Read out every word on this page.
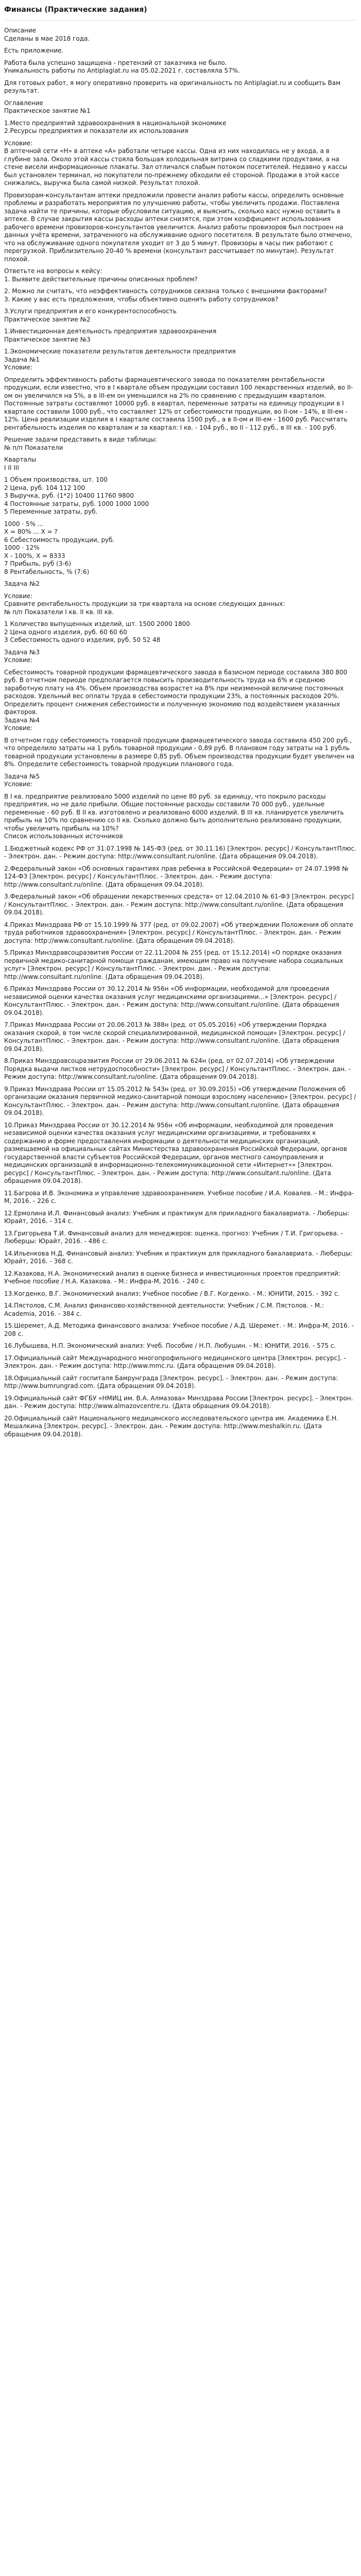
Финансы (Практические задания)
Описание
Сделаны в мае 2018 года.
Есть приложение.
Работа была успешно защищена - претензий от заказчика не было.
Уникальность работы по Antiplagiat.ru на 05.02.2021 г. составляла 57%.
Для готовых работ, я могу оперативно проверить на оригинальность по Antiplagiat.ru и сообщить Вам результат.
Оглавление
Практическое занятие №1
1.Место предприятий здравоохранения в национальной экономике
2.Ресурсы предприятия и показатели их использования
Условие:
В аптечной сети «Н» в аптеке «А» работали четыре кассы. Одна из них находилась не у входа, а в глубине зала. Около этой кассы стояла большая холодильная витрина со сладкими продуктами, а на стене висели информационные плакаты. Зал отличался слабым потоком посетителей. Недавно у кассы был установлен терминал, но покупатели по-прежнему обходили её стороной. Продажи в этой кассе снижались, выручка была самой низкой. Результат плохой.
Провизорам-консультантам аптеки предложили провести анализ работы кассы, определить основные проблемы и разработать мероприятия по улучшению работы, чтобы увеличить продажи. Поставлена задача найти те причины, которые обусловили ситуацию, и выяснить, сколько касс нужно оставить в аптеке. В случае закрытия кассы расходы аптеки снизятся, при этом коэффициент использования рабочего времени провизоров-консультантов увеличится. Анализ работы провизоров был построен на данных учёта времени, затраченного на обслуживание одного посетителя. В результате было отмечено, что на обслуживание одного покупателя уходит от 3 до 5 минут. Провизоры в часы пик работают с перегрузкой. Приблизительно 20-40 % времени (консультант рассчитывает по минутам). Результат плохой.
Ответьте на вопросы к кейсу:
1. Выявите действительные причины описанных проблем?
2. Можно ли считать, что неэффективность сотрудников связана только с внешними факторами?
3. Какие у вас есть предложения, чтобы объективно оценить работу сотрудников?
3.Услуги предприятия и его конкурентоспособность
Практическое занятие №2
1.Инвестиционная деятельность предприятия здравоохранения
Практическое занятие №3
1.Экономические показатели результатов деятельности предприятия
Задача №1
Условие:
Определить эффективность работы фармацевтического завода по показателям рентабельности продукции, если известно, что в I квартале объем продукции составил 100 лекарственных изделий, во II-ом он увеличился на 5%, а в III-ем он уменьшился на 2% по сравнению с предыдущим кварталом. Постоянные затраты составляют 10000 руб. в квартал, переменные затраты на единицу продукции в I квартале составили 1000 руб., что составляет 12% от себестоимости продукции, во II-ом - 14%, в III-ем - 12%. Цена реализации изделия в I квартале составила 1500 руб., а в II-ом и III-ем - 1600 руб. Рассчитать рентабельность изделия по кварталам и за квартал: I кв. - 104 руб., во II - 112 руб., в III кв. - 100 руб.
Решение задачи представить в виде таблицы:
№ п/п Показатели
Кварталы
I II III
1 Объем производства, шт. 100
2 Цена, руб. 104 112 100
3 Выручка, руб. (1*2) 10400 11760 9800
4 Постоянные затраты, руб. 1000 1000 1000
5 Переменные затраты, руб.
1000 · 5% ...
X = 80% ... X = ?
6 Себестоимость продукции, руб.
1000 · 12%
X - 100%, X = 8333
7 Прибыль, руб (3-6)
8 Рентабельность, % (7:6)
Задача №2
Условие:
Сравните рентабельность продукции за три квартала на основе следующих данных:
№ п/п Показатели I кв. II кв. III кв.
1 Количество выпущенных изделий, шт. 1500 2000 1800
2 Цена одного изделия, руб. 60 60 60
3 Себестоимость одного изделия, руб. 50 52 48
Задача №3
Условие:
Себестоимость товарной продукции фармацевтического завода в базисном периоде составила 380 800 руб. В отчетном периоде предполагается повысить производительность труда на 6% и среднюю заработную плату на 4%. Объем производства возрастет на 8% при неизменной величине постоянных расходов. Удельный вес оплаты труда в себестоимости продукции 23%, а постоянных расходов 20%. Определить процент снижения себестоимости и полученную экономию под воздействием указанных факторов.
Задача №4
Условие:
В отчетном году себестоимость товарной продукции фармацевтического завода составила 450 200 руб., что определило затраты на 1 рубль товарной продукции - 0,89 руб. В плановом году затраты на 1 рубль товарной продукции установлены в размере 0,85 руб. Объем производства продукции будет увеличен на 8%. Определите себестоимость товарной продукции планового года.
Задача №5
Условие:
В I кв. предприятие реализовало 5000 изделий по цене 80 руб. за единицу, что покрыло расходы предприятия, но не дало прибыли. Общие постоянные расходы составили 70 000 руб., удельные переменные - 60 руб. В II кв. изготовлено и реализовано 6000 изделий. В III кв. планируется увеличить прибыль на 10% по сравнению со II кв. Сколько должно быть дополнительно реализовано продукции, чтобы увеличить прибыль на 10%?
Список использованных источников
1.Бюджетный кодекс РФ от 31.07.1998 № 145-ФЗ (ред. от 30.11.16) [Электрон. ресурс] / КонсультантПлюс. - Электрон. дан. - Режим доступа: http://www.consultant.ru/online. (Дата обращения 09.04.2018).
2.Федеральный закон «Об основных гарантиях прав ребенка в Российской Федерации» от 24.07.1998 № 124-ФЗ [Электрон. ресурс] / КонсультантПлюс. - Электрон. дан. - Режим доступа: http://www.consultant.ru/online. (Дата обращения 09.04.2018).
3.Федеральный закон «Об обращении лекарственных средств» от 12.04.2010 № 61-ФЗ [Электрон. ресурс] / КонсультантПлюс. - Электрон. дан. - Режим доступа: http://www.consultant.ru/online. (Дата обращения 09.04.2018).
4.Приказ Минздрава РФ от 15.10.1999 № 377 (ред. от 09.02.2007) «Об утверждении Положения об оплате труда работников здравоохранения» [Электрон. ресурс] / КонсультантПлюс. - Электрон. дан. - Режим доступа: http://www.consultant.ru/online. (Дата обращения 09.04.2018).
5.Приказ Минздравсоцразвития России от 22.11.2004 № 255 (ред. от 15.12.2014) «О порядке оказания первичной медико-санитарной помощи гражданам, имеющим право на получение набора социальных услуг» [Электрон. ресурс] / КонсультантПлюс. - Электрон. дан. - Режим доступа: http://www.consultant.ru/online. (Дата обращения 09.04.2018).
6.Приказ Минздрава России от 30.12.2014 № 956н «Об информации, необходимой для проведения независимой оценки качества оказания услуг медицинскими организациями...» [Электрон. ресурс] / КонсультантПлюс. - Электрон. дан. - Режим доступа: http://www.consultant.ru/online. (Дата обращения 09.04.2018).
7.Приказ Минздрава России от 20.06.2013 № 388н (ред. от 05.05.2016) «Об утверждении Порядка оказания скорой, в том числе скорой специализированной, медицинской помощи» [Электрон. ресурс] / КонсультантПлюс. - Электрон. дан. - Режим доступа: http://www.consultant.ru/online. (Дата обращения 09.04.2018).
8.Приказ Минздравсоцразвития России от 29.06.2011 № 624н (ред. от 02.07.2014) «Об утверждении Порядка выдачи листков нетрудоспособности» [Электрон. ресурс] / КонсультантПлюс. - Электрон. дан. - Режим доступа: http://www.consultant.ru/online. (Дата обращения 09.04.2018).
9.Приказ Минздрава России от 15.05.2012 № 543н (ред. от 30.09.2015) «Об утверждении Положения об организации оказания первичной медико-санитарной помощи взрослому населению» [Электрон. ресурс] / КонсультантПлюс. - Электрон. дан. - Режим доступа: http://www.consultant.ru/online. (Дата обращения 09.04.2018).
10.Приказ Минздрава России от 30.12.2014 № 956н «Об информации, необходимой для проведения независимой оценки качества оказания услуг медицинскими организациями, и требованиях к содержанию и форме предоставления информации о деятельности медицинских организаций, размещаемой на официальных сайтах Министерства здравоохранения Российской Федерации, органов государственной власти субъектов Российской Федерации, органов местного самоуправления и медицинских организаций в информационно-телекоммуникационной сети «Интернет»» [Электрон. ресурс] / КонсультантПлюс. - Электрон. дан. - Режим доступа: http://www.consultant.ru/online. (Дата обращения 09.04.2018).
11.Багрова И.В. Экономика и управление здравоохранением. Учебное пособие / И.А. Ковалев. - М.: Инфра-М, 2016. - 226 с.
12.Ермолина И.Л. Финансовый анализ: Учебник и практикум для прикладного бакалавриата. - Люберцы: Юрайт, 2016. - 314 с.
13.Григорьева Т.И. Финансовый анализ для менеджеров: оценка, прогноз: Учебник / Т.И. Григорьева. - Люберцы: Юрайт, 2016. - 486 с.
14.Ильенкова Н.Д. Финансовый анализ: Учебник и практикум для прикладного бакалавриата. - Люберцы: Юрайт, 2016. - 368 с.
12.Казакова, Н.А. Экономический анализ в оценке бизнеса и инвестиционных проектов предприятий: Учебное пособие / Н.А. Казакова. - М.: Инфра-М, 2016. - 240 с.
13.Когденко, В.Г. Экономический анализ: Учебное пособие / В.Г. Когденко. - М.: ЮНИТИ, 2015. - 392 с.
14.Пястолов, С.М. Анализ финансово-хозяйственной деятельности: Учебник / С.М. Пястолов. - М.: Academia, 2016. - 384 с.
15.Шеремет, А.Д. Методика финансового анализа: Учебное пособие / А.Д. Шеремет. - М.: Инфра-М, 2016. - 208 с.
16.Лубышева, Н.П. Экономический анализ: Учеб. Пособие / Н.П. Любушин. - М.: ЮНИТИ, 2016. - 575 с.
17.Официальный сайт Международного многопрофильного медицинского центра [Электрон. ресурс]. - Электрон. дан. - Режим доступа: http://www.mmc.ru. (Дата обращения 09.04.2018).
18.Официальный сайт госпиталя Бамрунграда [Электрон. ресурс]. - Электрон. дан. - Режим доступа: http://www.bumrungrad.com. (Дата обращения 09.04.2018).
19.Официальный сайт ФГБУ «НМИЦ им. В.А. Алмазова» Минздрава России [Электрон. ресурс]. - Электрон. дан. - Режим доступа: http://www.almazovcentre.ru. (Дата обращения 09.04.2018).
20.Официальный сайт Национального медицинского исследовательского центра им. Академика Е.Н. Мешалкина [Электрон. ресурс]. - Электрон. дан. - Режим доступа: http://www.meshalkin.ru. (Дата обращения 09.04.2018).
